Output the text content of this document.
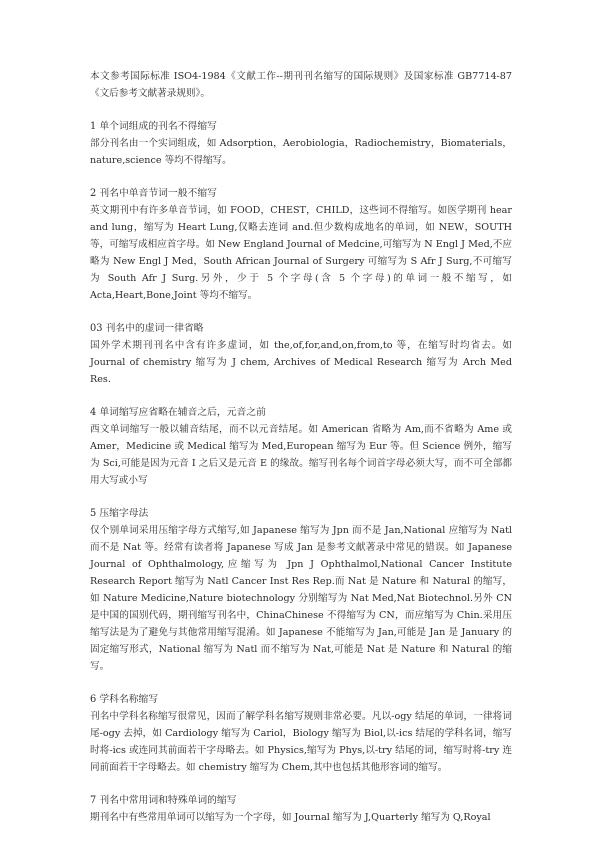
本文参考国际标准 ISO4-1984《文献工作--期刊刊名缩写的国际规则》及国家标准 GB7714-87《文后参考文献著录规则》。

1 单个词组成的刊名不得缩写

部分刊名由一个实词组成，如 Adsorption，Aerobiologia，Radiochemistry，Biomaterials，nature,science 等均不得缩写。

2 刊名中单音节词一般不缩写

英文期刊中有许多单音节词，如 FOOD，CHEST，CHILD，这些词不得缩写。如医学期刊 hear and lung，缩写为 Heart Lung,仅略去连词 and.但少数构成地名的单词，如 NEW，SOUTH 等，可缩写成相应首字母。如 New England Journal of Medcine,可缩写为 N Engl J Med,不应略为 New Engl J Med，South African Journal of Surgery 可缩写为 S Afr J Surg,不可缩写为 South Afr J Surg.另外，少于 5 个字母(含 5 个字母)的单词一般不缩写，如 Acta,Heart,Bone,Joint 等均不缩写。

03 刊名中的虚词一律省略

国外学术期刊刊名中含有许多虚词，如 the,of,for,and,on,from,to 等，在缩写时均省去。如 Journal of chemistry 缩写为 J chem, Archives of Medical Research 缩写为 Arch Med Res.

4 单词缩写应省略在辅音之后，元音之前

西文单词缩写一般以辅音结尾，而不以元音结尾。如 American 省略为 Am,而不省略为 Ame 或 Amer，Medicine 或 Medical 缩写为 Med,European 缩写为 Eur 等。但 Science 例外，缩写为 Sci,可能是因为元音 I 之后又是元音 E 的缘故。缩写刊名每个词首字母必须大写，而不可全部都用大写或小写

5 压缩字母法

仅个别单词采用压缩字母方式缩写,如 Japanese 缩写为 Jpn 而不是 Jan,National 应缩写为 Natl 而不是 Nat 等。经常有读者将 Japanese 写成 Jan 是参考文献著录中常见的错误。如 Japanese Journal of Ophthalmology,应缩写为 Jpn J Ophthalmol,National Cancer Institute Research Report 缩写为 Natl Cancer Inst Res Rep.而 Nat 是 Nature 和 Natural 的缩写，如 Nature Medicine,Nature biotechnology 分别缩写为 Nat Med,Nat Biotechnol.另外 CN 是中国的国别代码，期刊缩写刊名中，ChinaChinese 不得缩写为 CN，而应缩写为 Chin.采用压缩写法是为了避免与其他常用缩写混淆。如 Japanese 不能缩写为 Jan,可能是 Jan 是 January 的固定缩写形式，National 缩写为 Natl 而不缩写为 Nat,可能是 Nat 是 Nature 和 Natural 的缩写。

6 学科名称缩写

刊名中学科名称缩写很常见，因而了解学科名缩写规则非常必要。凡以-ogy 结尾的单词，一律将词尾-ogy 去掉，如 Cardiology 缩写为 Cariol，Biology 缩写为 Biol,以-ics 结尾的学科名词，缩写时将-ics 或连同其前面若干字母略去。如 Physics,缩写为 Phys,以-try 结尾的词，缩写时将-try 连同前面若干字母略去。如 chemistry 缩写为 Chem,其中也包括其他形容词的缩写。

7 刊名中常用词和特殊单词的缩写

期刊名中有些常用单词可以缩写为一个字母，如 Journal 缩写为 J,Quarterly 缩写为 Q,Royal
